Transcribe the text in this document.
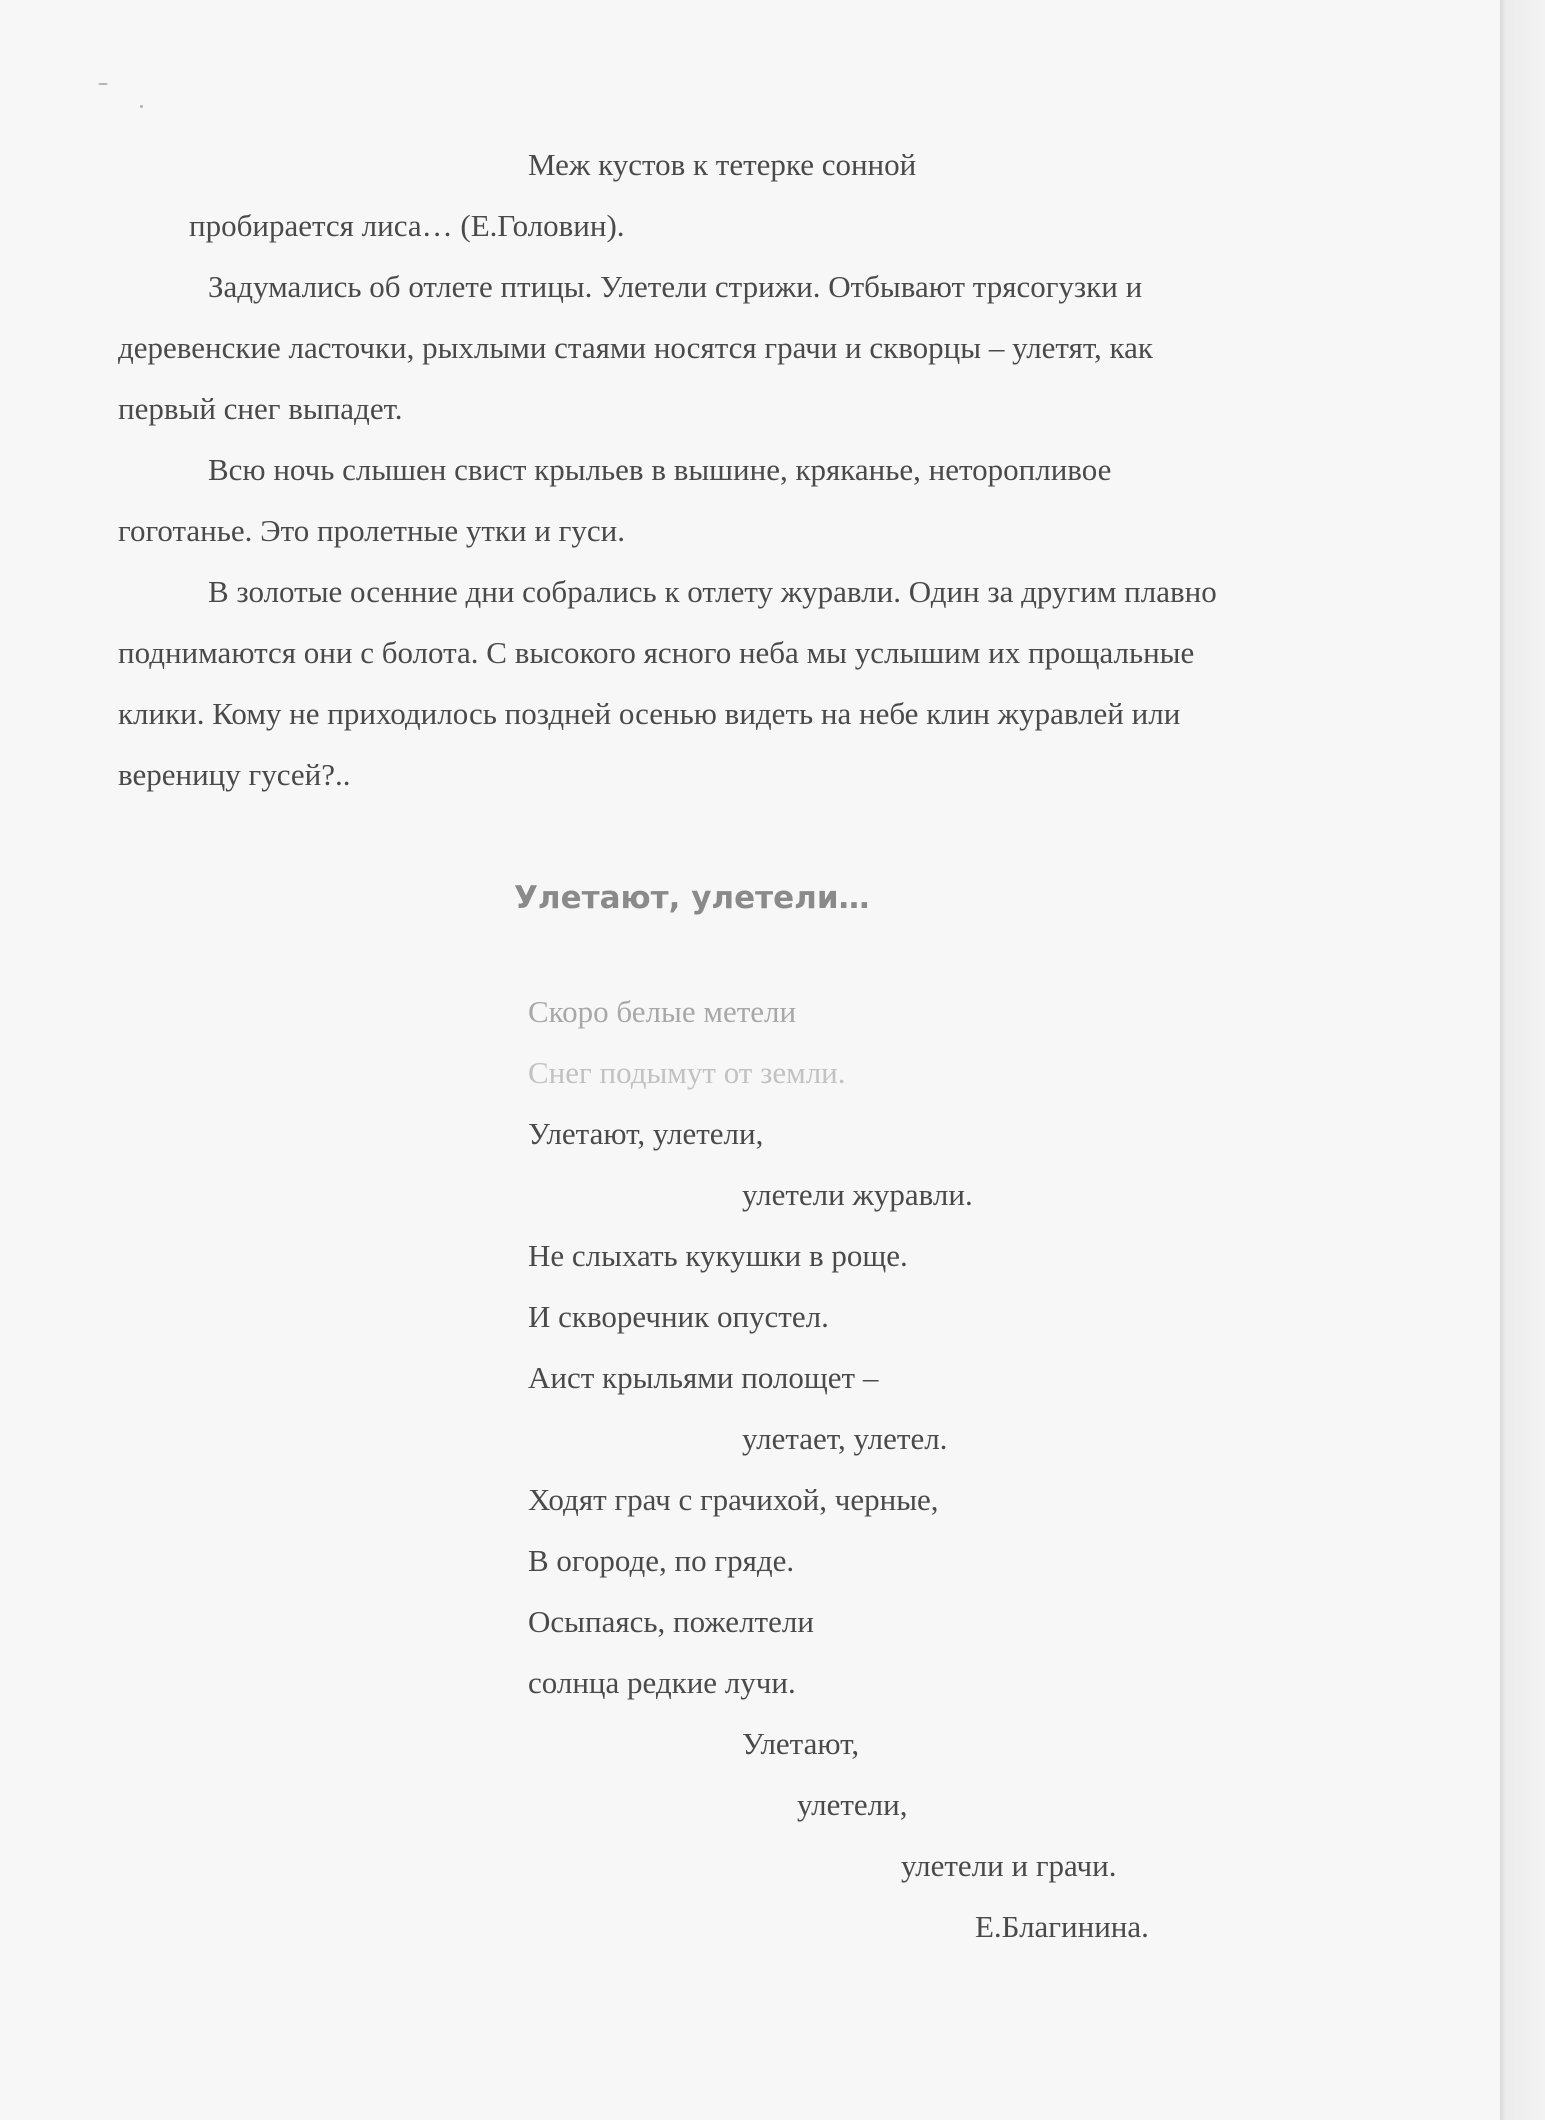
Меж кустов к тетерке сонной
пробирается лиса… (Е.Головин).
Задумались об отлете птицы. Улетели стрижи. Отбывают трясогузки и
деревенские ласточки, рыхлыми стаями носятся грачи и скворцы – улетят, как
первый снег выпадет.
Всю ночь слышен свист крыльев в вышине, кряканье, неторопливое
гоготанье. Это пролетные утки и гуси.
В золотые осенние дни собрались к отлету журавли. Один за другим плавно
поднимаются они с болота. С высокого ясного неба мы услышим их прощальные
клики. Кому не приходилось поздней осенью видеть на небе клин журавлей или
вереницу гусей?..
Улетают, улетели…
Скоро белые метели
Снег подымут от земли.
Улетают, улетели,
улетели журавли.
Не слыхать кукушки в роще.
И скворечник опустел.
Аист крыльями полощет –
улетает, улетел.
Ходят грач с грачихой, черные,
В огороде, по гряде.
Осыпаясь, пожелтели
солнца редкие лучи.
Улетают,
улетели,
улетели и грачи.
Е.Благинина.
